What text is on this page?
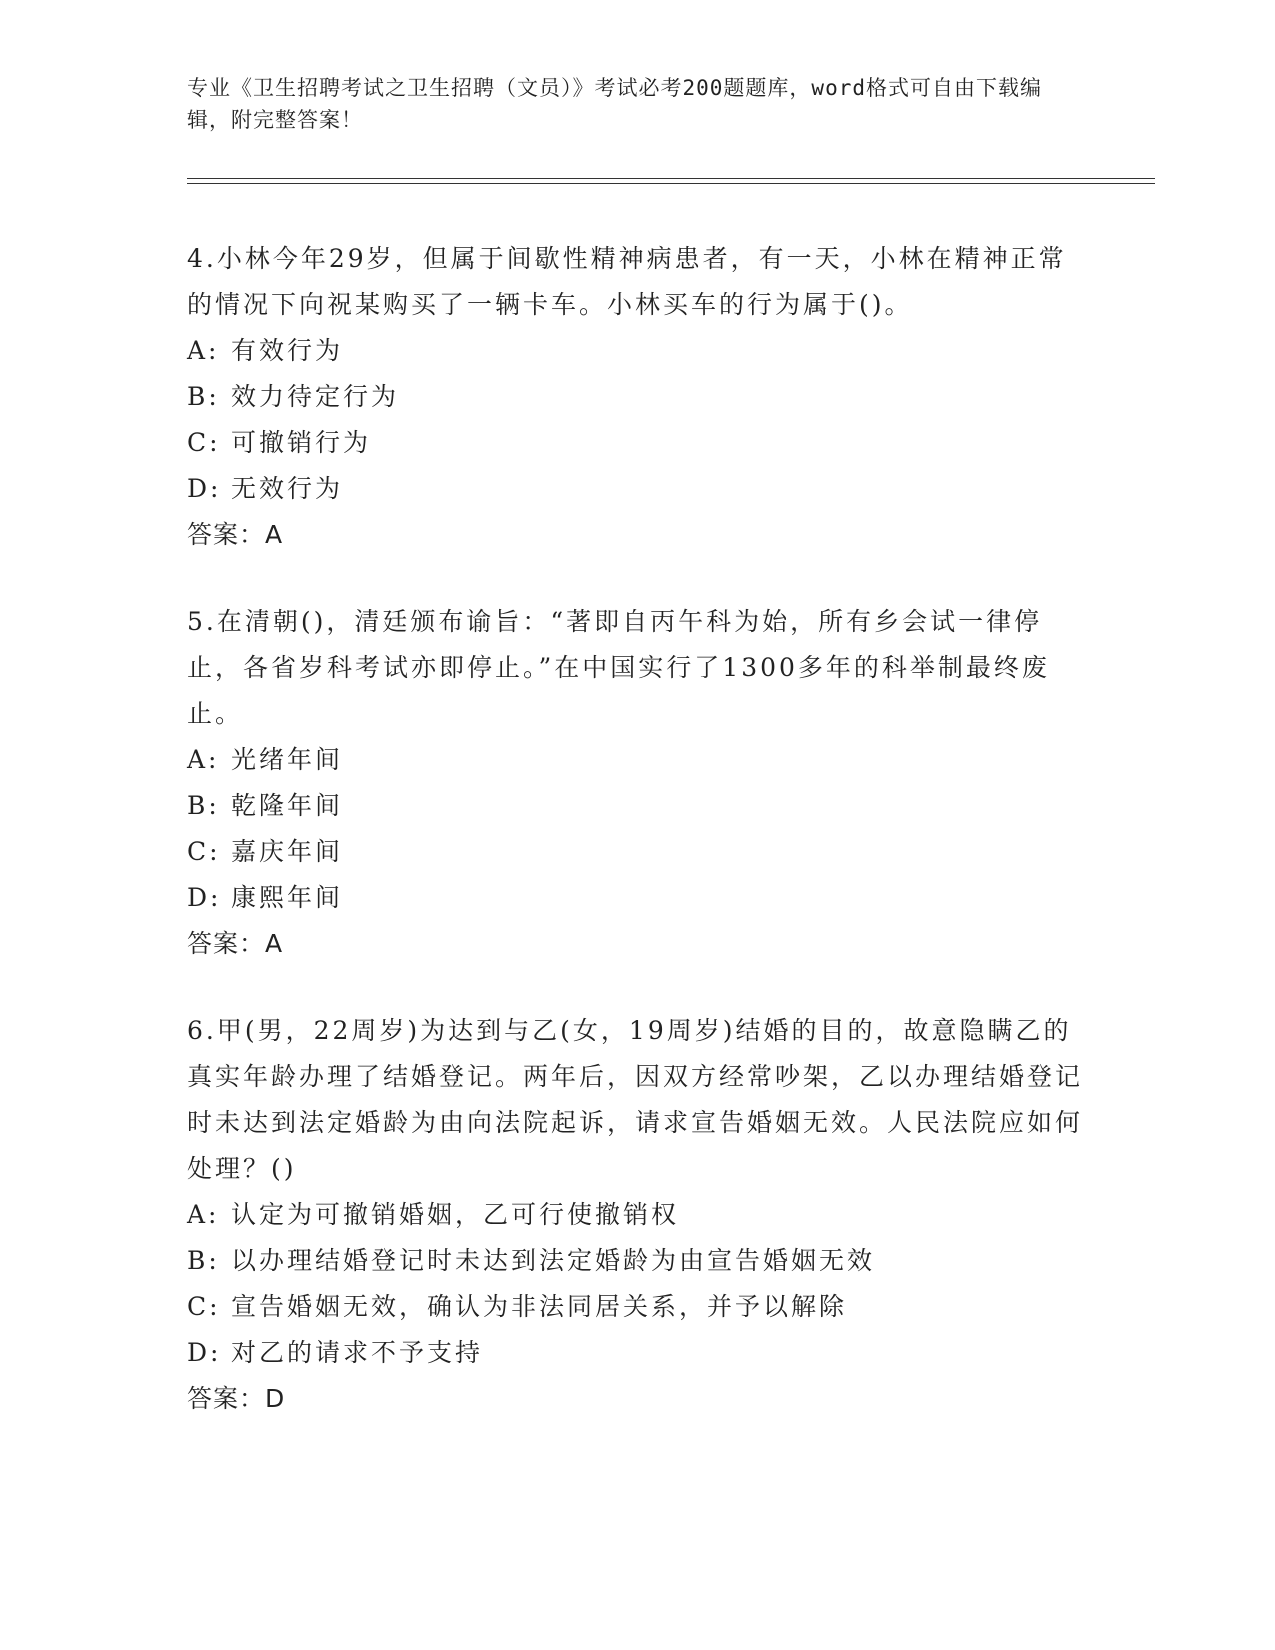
专业《卫生招聘考试之卫生招聘（文员）》考试必考200题题库，word格式可自由下载编辑，附完整答案！

4.小林今年29岁，但属于间歇性精神病患者，有一天，小林在精神正常的情况下向祝某购买了一辆卡车。小林买车的行为属于()。

A: 有效行为
B: 效力待定行为
C: 可撤销行为
D: 无效行为
答案：A

5.在清朝()，清廷颁布谕旨：“著即自丙午科为始，所有乡会试一律停止，各省岁科考试亦即停止。”在中国实行了1300多年的科举制最终废止。

A: 光绪年间
B: 乾隆年间
C: 嘉庆年间
D: 康熙年间
答案：A

6.甲(男，22周岁)为达到与乙(女，19周岁)结婚的目的，故意隐瞒乙的真实年龄办理了结婚登记。两年后，因双方经常吵架，乙以办理结婚登记时未达到法定婚龄为由向法院起诉，请求宣告婚姻无效。人民法院应如何处理？()

A: 认定为可撤销婚姻，乙可行使撤销权
B: 以办理结婚登记时未达到法定婚龄为由宣告婚姻无效
C: 宣告婚姻无效，确认为非法同居关系，并予以解除
D: 对乙的请求不予支持
答案：D
